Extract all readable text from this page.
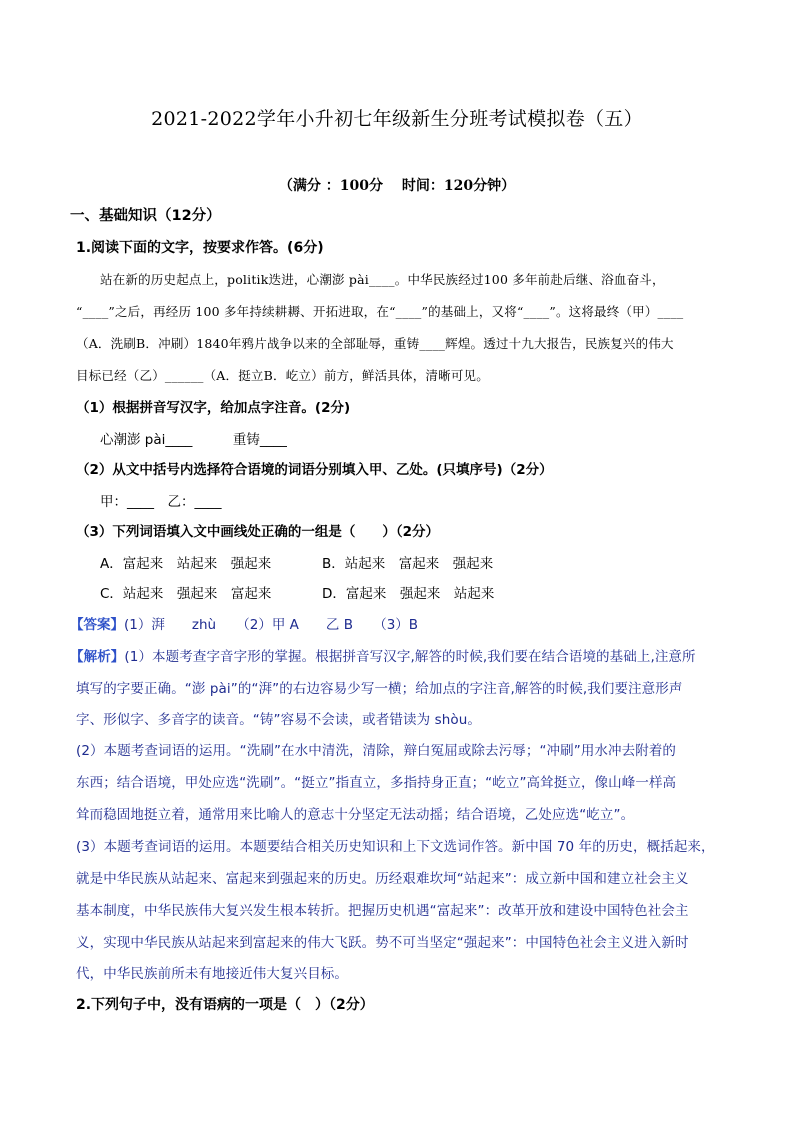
2021-2022学年小升初七年级新生分班考试模拟卷（五）
（满分 ：100分　 时间：120分钟）
一、基础知识（12分）
1.阅读下面的文字，按要求作答。(6分)
站在新的历史起点上，politik迭进，心潮澎 pài____。中华民族经过100 多年前赴后继、浴血奋斗，
“____”之后，再经历 100 多年持续耕耨、开拓进取，在“____”的基础上，又将“____”。这将最终（甲）____
（A．洗刷B．冲刷）1840年鸦片战争以来的全部耻辱，重铸____辉煌。透过十九大报告，民族复兴的伟大
目标已经（乙）______（A．挺立B．屹立）前方，鲜活具体，清晰可见。
（1）根据拼音写汉字，给加点字注音。(2分)
心潮澎 pài____　　　重铸____
（2）从文中括号内选择符合语境的词语分别填入甲、乙处。(只填序号)（2分）
甲：____　乙：____
（3）下列词语填入文中画线处正确的一组是（　　）（2分）
A．富起来　站起来　强起来	B．站起来　富起来　强起来
C．站起来　强起来　富起来	D．富起来　强起来　站起来
【答案】(1）湃　　zhù　　（2）甲 A　　乙 B　　（3）B
【解析】(1）本题考查字音字形的掌握。根据拼音写汉字,解答的时候,我们要在结合语境的基础上,注意所
填写的字要正确。“澎 pài”的“湃”的右边容易少写一横；给加点的字注音,解答的时候,我们要注意形声
字、形似字、多音字的读音。“铸”容易不会读，或者错读为 shòu。
(2）本题考查词语的运用。“洗刷”在水中清洗，清除，辩白冤屈或除去污辱；“冲刷”用水冲去附着的
东西；结合语境，甲处应选“洗刷”。“挺立”指直立，多指持身正直；“屹立”高耸挺立，像山峰一样高
耸而稳固地挺立着，通常用来比喻人的意志十分坚定无法动摇；结合语境，乙处应选“屹立”。
(3）本题考查词语的运用。本题要结合相关历史知识和上下文选词作答。新中国 70 年的历史，概括起来，
就是中华民族从站起来、富起来到强起来的历史。历经艰难坎坷“站起来”：成立新中国和建立社会主义
基本制度，中华民族伟大复兴发生根本转折。把握历史机遇“富起来”：改革开放和建设中国特色社会主
义，实现中华民族从站起来到富起来的伟大飞跃。势不可当坚定“强起来”：中国特色社会主义进入新时
代，中华民族前所未有地接近伟大复兴目标。
2.下列句子中，没有语病的一项是（　）（2分）
